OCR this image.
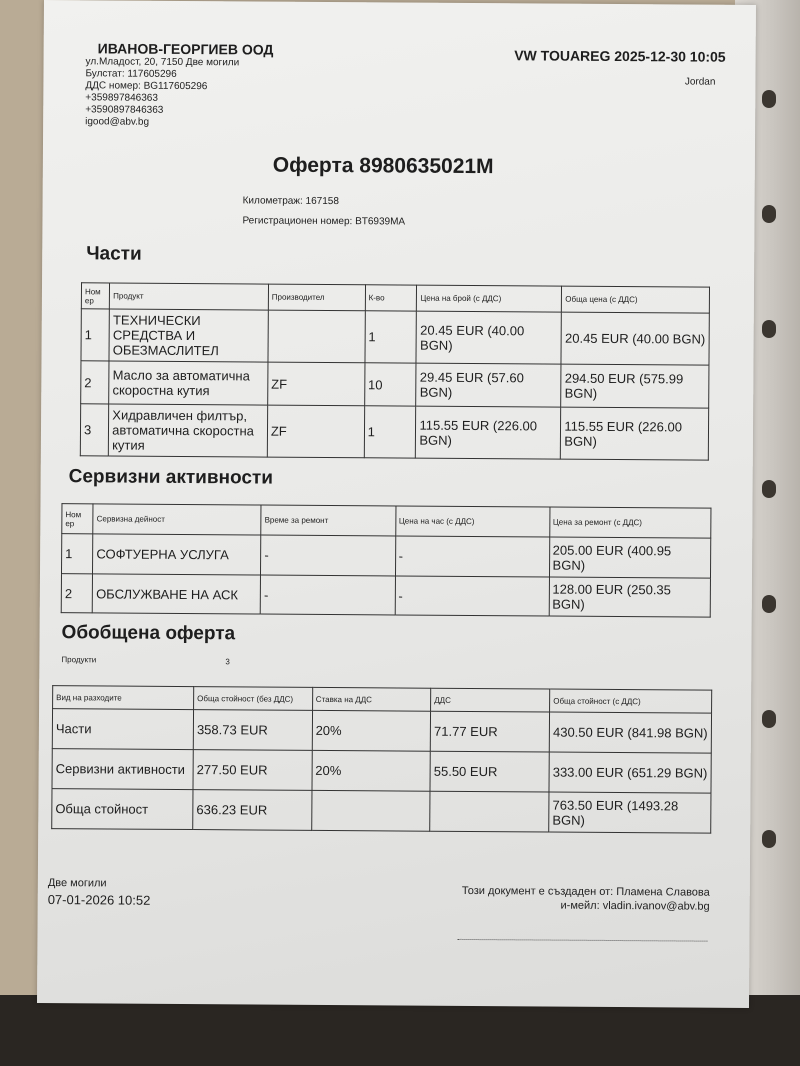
ИВАНОВ-ГЕОРГИЕВ ООД
ул.Младост, 20, 7150 Две могили
Булстат: 117605296
ДДС номер: BG117605296
+359897846363
+3590897846363
igood@abv.bg
VW TOUAREG 2025-12-30 10:05
Jordan
Оферта 8980635021М
Километраж: 167158
Регистрационен номер: BT6939MA
Части
Ном ер	Продукт	Производител	К-во	Цена на брой (с ДДС)	Обща цена (с ДДС)
1	ТЕХНИЧЕСКИ СРЕДСТВА И ОБЕЗМАСЛИТЕЛ		1	20.45 EUR (40.00 BGN)	20.45 EUR (40.00 BGN)
2	Масло за автоматична скоростна кутия	ZF	10	29.45 EUR (57.60 BGN)	294.50 EUR (575.99 BGN)
3	Хидравличен филтър, автоматична скоростна кутия	ZF	1	115.55 EUR (226.00 BGN)	115.55 EUR (226.00 BGN)
Сервизни активности
Ном ер	Сервизна дейност	Време за ремонт	Цена на час (с ДДС)	Цена за ремонт (с ДДС)
1	СОФТУЕРНА УСЛУГА	-	-	205.00 EUR (400.95 BGN)
2	ОБСЛУЖВАНЕ НА АСК	-	-	128.00 EUR (250.35 BGN)
Обобщена оферта
Продукти	3
Вид на разходите	Обща стойност (без ДДС)	Ставка на ДДС	ДДС	Обща стойност (с ДДС)
Части	358.73 EUR	20%	71.77 EUR	430.50 EUR (841.98 BGN)
Сервизни активности	277.50 EUR	20%	55.50 EUR	333.00 EUR (651.29 BGN)
Обща стойност	636.23 EUR			763.50 EUR (1493.28 BGN)
Две могили
07-01-2026 10:52
Този документ е създаден от: Пламена Славова
и-мейл: vladin.ivanov@abv.bg
